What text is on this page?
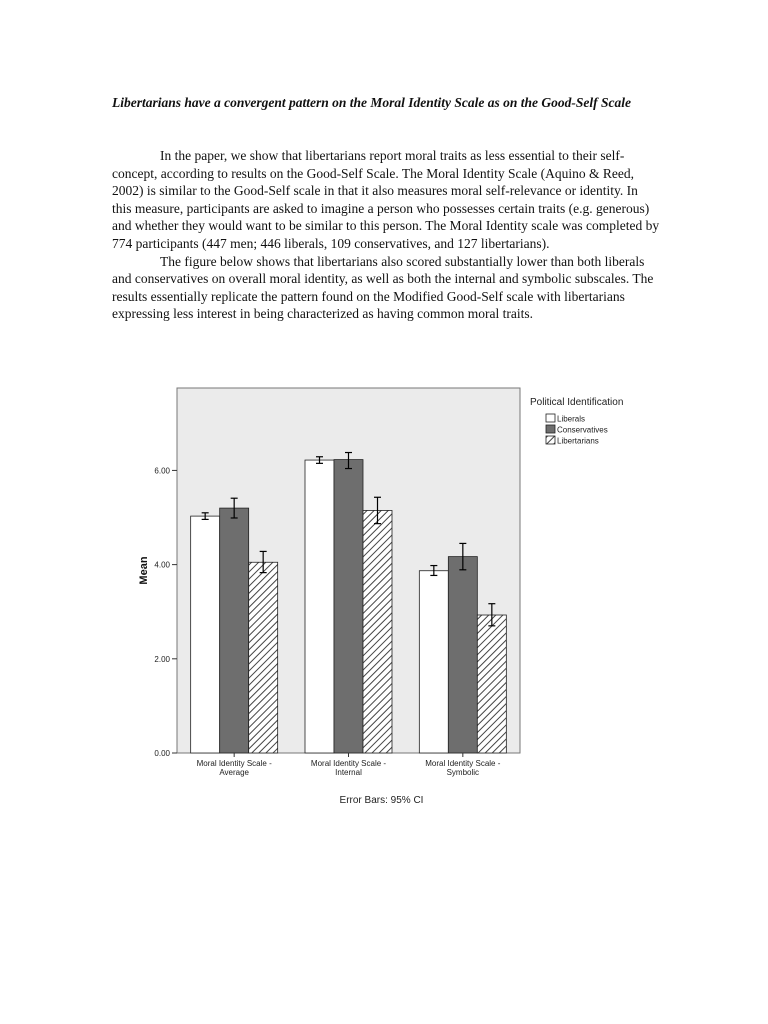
Libertarians have a convergent pattern on the Moral Identity Scale as on the Good-Self Scale

In the paper, we show that libertarians report moral traits as less essential to their self-concept, according to results on the Good-Self Scale. The Moral Identity Scale (Aquino & Reed, 2002) is similar to the Good-Self scale in that it also measures moral self-relevance or identity. In this measure, participants are asked to imagine a person who possesses certain traits (e.g. generous) and whether they would want to be similar to this person. The Moral Identity scale was completed by 774 participants (447 men; 446 liberals, 109 conservatives, and 127 libertarians).

The figure below shows that libertarians also scored substantially lower than both liberals and conservatives on overall moral identity, as well as both the internal and symbolic subscales. The results essentially replicate the pattern found on the Modified Good-Self scale with libertarians expressing less interest in being characterized as having common moral traits.

0.00
2.00
4.00
6.00
Mean
Moral Identity Scale -
Average
Moral Identity Scale -
Internal
Moral Identity Scale -
Symbolic
Political Identification
Liberals
Conservatives
Libertarians
Error Bars: 95% CI
